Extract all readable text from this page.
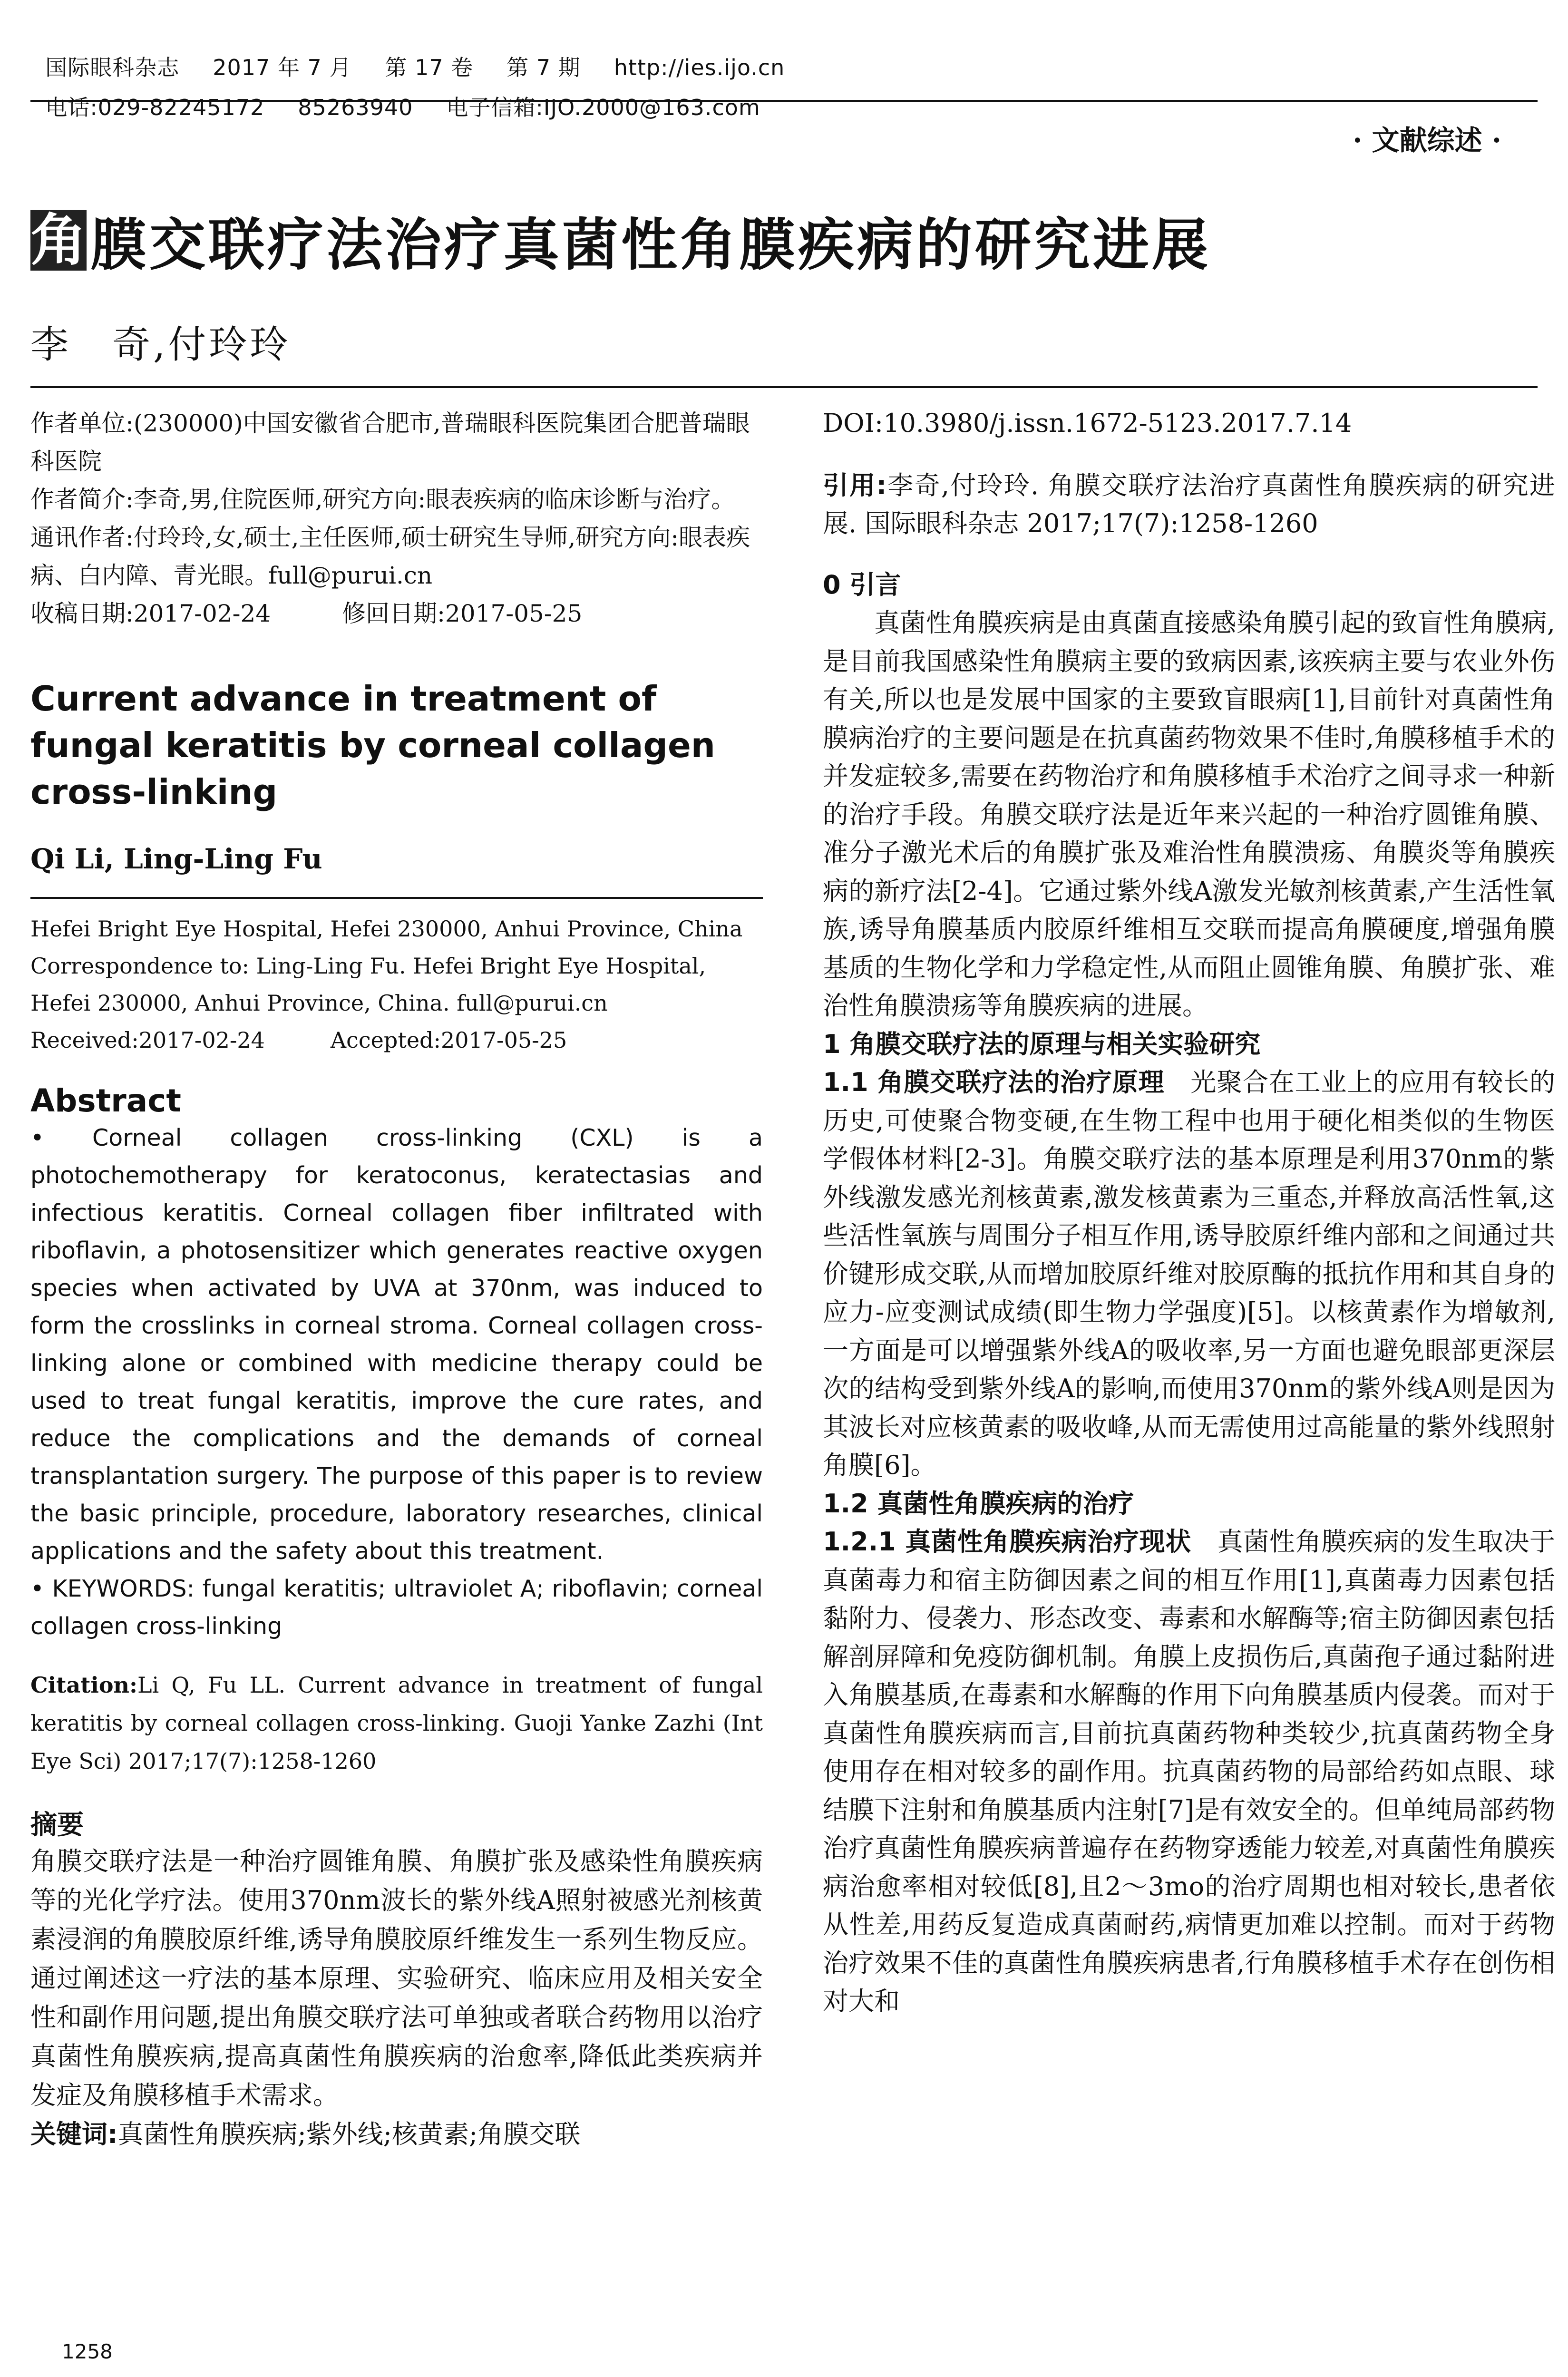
国际眼科杂志 2017 年 7 月 第 17 卷 第 7 期 http://ies.ijo.cn

电话:029-82245172 85263940 电子信箱:IJO.2000@163.com

· 文献综述 ·
角 膜交联疗法治疗真菌性角膜疾病的研究进展
李　奇,付玲玲

作者单位:(230000)中国安徽省合肥市,普瑞眼科医院集团合肥普瑞眼科医院

作者简介:李奇,男,住院医师,研究方向:眼表疾病的临床诊断与治疗。

通讯作者:付玲玲,女,硕士,主任医师,硕士研究生导师,研究方向:眼表疾病、白内障、青光眼。full@purui.cn

收稿日期:2017-02-24　　　修回日期:2017-05-25

Current advance in treatment of fungal keratitis by corneal collagen cross-linking

Qi Li, Ling-Ling Fu

Hefei Bright Eye Hospital, Hefei 230000, Anhui Province, China

Correspondence to: Ling-Ling Fu. Hefei Bright Eye Hospital, Hefei 230000, Anhui Province, China. full@purui.cn

Received:2017-02-24　　　Accepted:2017-05-25

Abstract

• Corneal collagen cross-linking (CXL) is a photochemotherapy for keratoconus, keratectasias and infectious keratitis. Corneal collagen fiber infiltrated with riboflavin, a photosensitizer which generates reactive oxygen species when activated by UVA at 370nm, was induced to form the crosslinks in corneal stroma. Corneal collagen cross-linking alone or combined with medicine therapy could be used to treat fungal keratitis, improve the cure rates, and reduce the complications and the demands of corneal transplantation surgery. The purpose of this paper is to review the basic principle, procedure, laboratory researches, clinical applications and the safety about this treatment.

• KEYWORDS: fungal keratitis; ultraviolet A; riboflavin; corneal collagen cross-linking

Citation:Li Q, Fu LL. Current advance in treatment of fungal keratitis by corneal collagen cross-linking. Guoji Yanke Zazhi (Int Eye Sci) 2017;17(7):1258-1260

摘要

角膜交联疗法是一种治疗圆锥角膜、角膜扩张及感染性角膜疾病等的光化学疗法。使用370nm波长的紫外线A照射被感光剂核黄素浸润的角膜胶原纤维,诱导角膜胶原纤维发生一系列生物反应。通过阐述这一疗法的基本原理、实验研究、临床应用及相关安全性和副作用问题,提出角膜交联疗法可单独或者联合药物用以治疗真菌性角膜疾病,提高真菌性角膜疾病的治愈率,降低此类疾病并发症及角膜移植手术需求。

关键词:真菌性角膜疾病;紫外线;核黄素;角膜交联

DOI:10.3980/j.issn.1672-5123.2017.7.14

引用:李奇,付玲玲. 角膜交联疗法治疗真菌性角膜疾病的研究进展. 国际眼科杂志 2017;17(7):1258-1260

0 引言

真菌性角膜疾病是由真菌直接感染角膜引起的致盲性角膜病,是目前我国感染性角膜病主要的致病因素,该疾病主要与农业外伤有关,所以也是发展中国家的主要致盲眼病[1],目前针对真菌性角膜病治疗的主要问题是在抗真菌药物效果不佳时,角膜移植手术的并发症较多,需要在药物治疗和角膜移植手术治疗之间寻求一种新的治疗手段。角膜交联疗法是近年来兴起的一种治疗圆锥角膜、准分子激光术后的角膜扩张及难治性角膜溃疡、角膜炎等角膜疾病的新疗法[2-4]。它通过紫外线A激发光敏剂核黄素,产生活性氧族,诱导角膜基质内胶原纤维相互交联而提高角膜硬度,增强角膜基质的生物化学和力学稳定性,从而阻止圆锥角膜、角膜扩张、难治性角膜溃疡等角膜疾病的进展。

1 角膜交联疗法的原理与相关实验研究

1.1 角膜交联疗法的治疗原理　 光聚合在工业上的应用有较长的历史,可使聚合物变硬,在生物工程中也用于硬化相类似的生物医学假体材料[2-3]。角膜交联疗法的基本原理是利用370nm的紫外线激发感光剂核黄素,激发核黄素为三重态,并释放高活性氧,这些活性氧族与周围分子相互作用,诱导胶原纤维内部和之间通过共价键形成交联,从而增加胶原纤维对胶原酶的抵抗作用和其自身的应力-应变测试成绩(即生物力学强度)[5]。以核黄素作为增敏剂,一方面是可以增强紫外线A的吸收率,另一方面也避免眼部更深层次的结构受到紫外线A的影响,而使用370nm的紫外线A则是因为其波长对应核黄素的吸收峰,从而无需使用过高能量的紫外线照射角膜[6]。

1.2 真菌性角膜疾病的治疗

1.2.1 真菌性角膜疾病治疗现状　 真菌性角膜疾病的发生取决于真菌毒力和宿主防御因素之间的相互作用[1],真菌毒力因素包括黏附力、侵袭力、形态改变、毒素和水解酶等;宿主防御因素包括解剖屏障和免疫防御机制。角膜上皮损伤后,真菌孢子通过黏附进入角膜基质,在毒素和水解酶的作用下向角膜基质内侵袭。而对于真菌性角膜疾病而言,目前抗真菌药物种类较少,抗真菌药物全身使用存在相对较多的副作用。抗真菌药物的局部给药如点眼、球结膜下注射和角膜基质内注射[7]是有效安全的。但单纯局部药物治疗真菌性角膜疾病普遍存在药物穿透能力较差,对真菌性角膜疾病治愈率相对较低[8],且2～3mo的治疗周期也相对较长,患者依从性差,用药反复造成真菌耐药,病情更加难以控制。而对于药物治疗效果不佳的真菌性角膜疾病患者,行角膜移植手术存在创伤相对大和

1258
